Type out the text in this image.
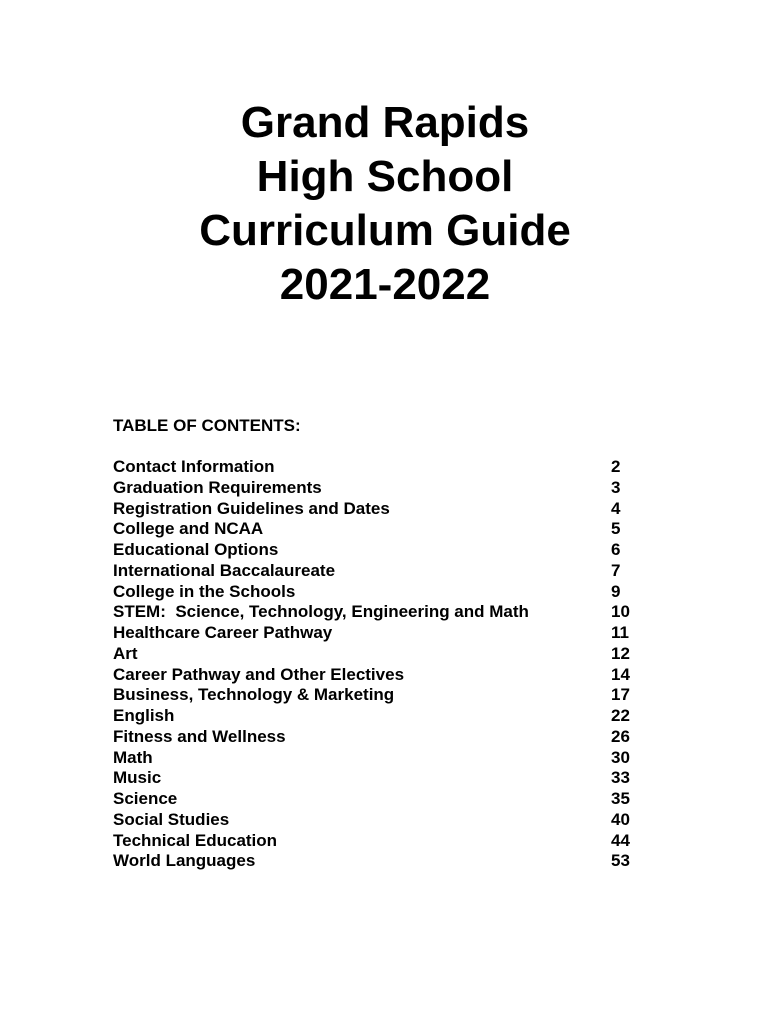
Grand Rapids

High School

Curriculum Guide

2021-2022

TABLE OF CONTENTS:
Contact Information	2
Graduation Requirements	3
Registration Guidelines and Dates	4
College and NCAA	5
Educational Options	6
International Baccalaureate	7
College in the Schools	9
STEM:  Science, Technology, Engineering and Math	10
Healthcare Career Pathway	11
Art	12
Career Pathway and Other Electives	14
Business, Technology & Marketing	17
English	22
Fitness and Wellness	26
Math	30
Music	33
Science	35
Social Studies	40
Technical Education	44
World Languages	53
